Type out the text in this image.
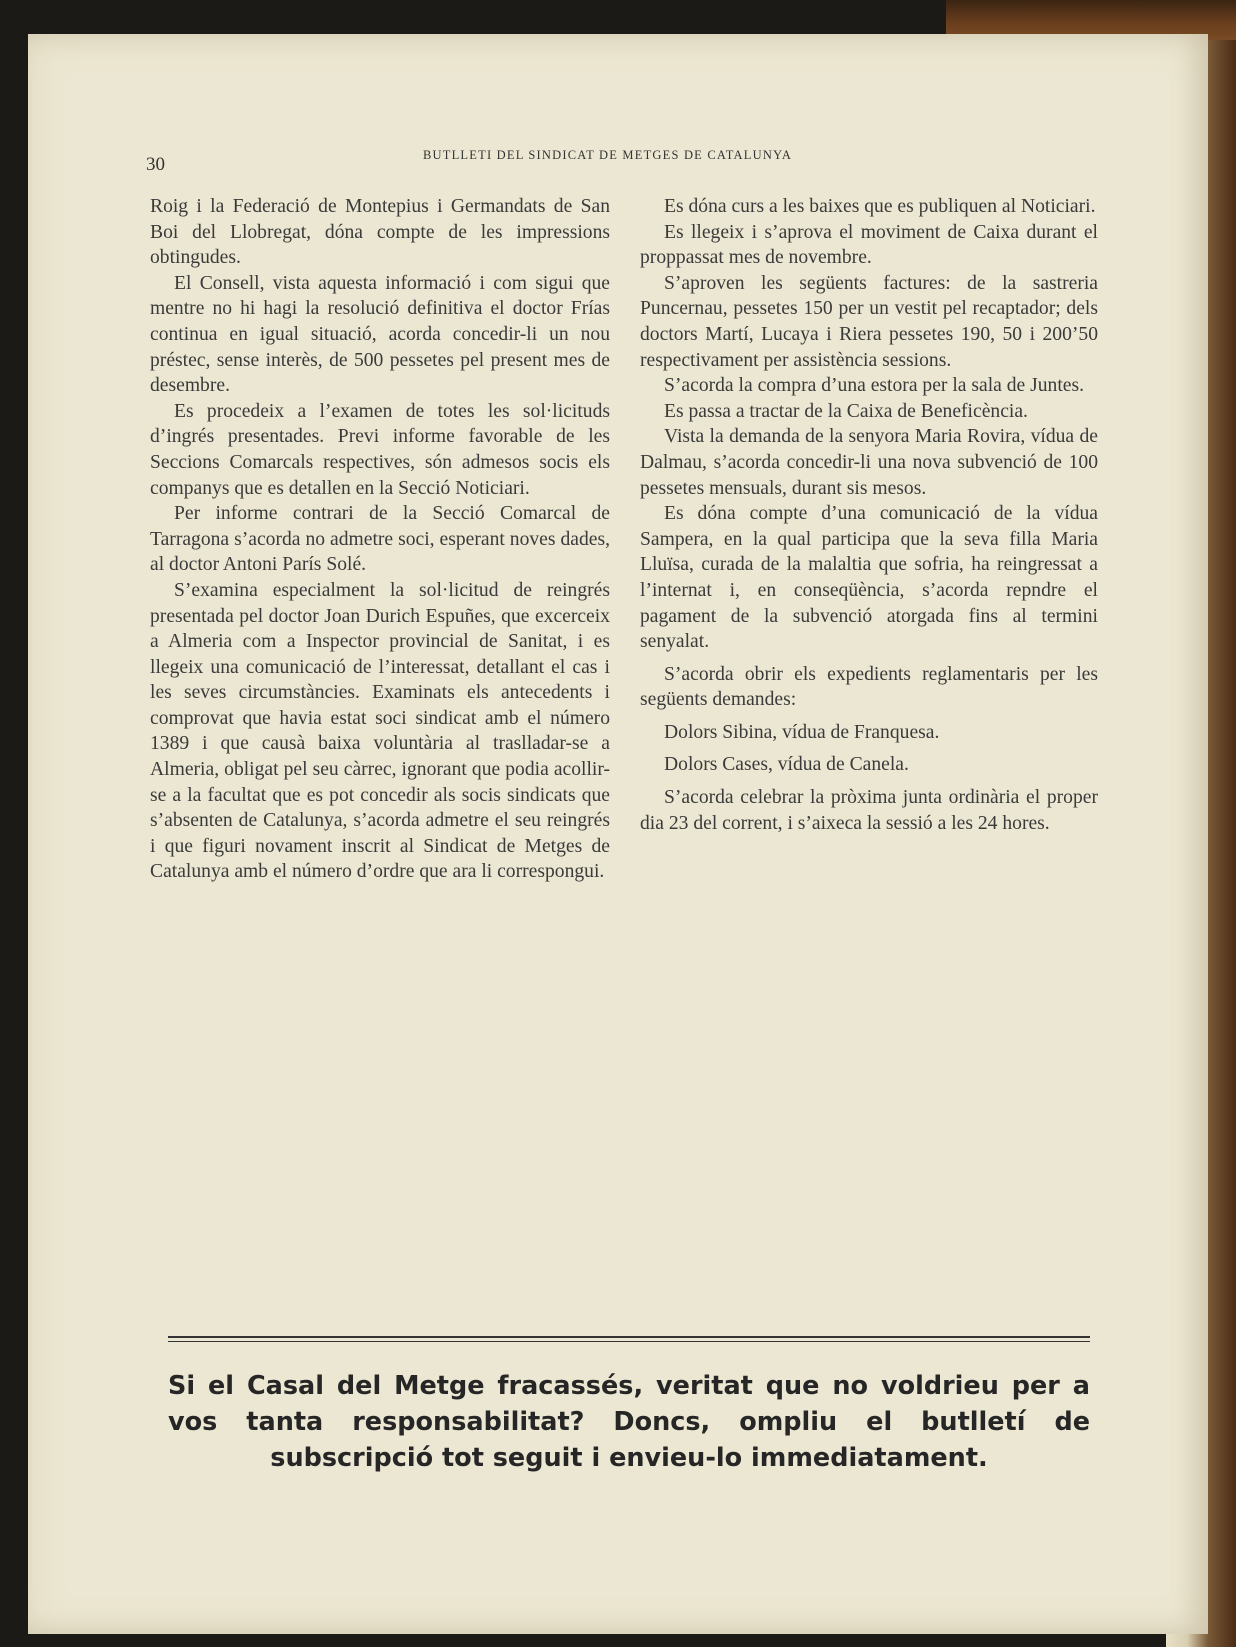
30	BUTLLETI DEL SINDICAT DE METGES DE CATALUNYA

Roig i la Federació de Montepius i Germandats de San Boi del Llobregat, dóna compte de les impressions obtingudes.

El Consell, vista aquesta informació i com sigui que mentre no hi hagi la resolució definitiva el doctor Frías continua en igual situació, acorda concedir-li un nou préstec, sense interès, de 500 pessetes pel present mes de desembre.

Es procedeix a l’examen de totes les sol·licituds d’ingrés presentades. Previ informe favorable de les Seccions Comarcals respectives, són admesos socis els companys que es detallen en la Secció Noticiari.

Per informe contrari de la Secció Comarcal de Tarragona s’acorda no admetre soci, esperant noves dades, al doctor Antoni París Solé.

S’examina especialment la sol·licitud de reingrés presentada pel doctor Joan Durich Espuñes, que excerceix a Almeria com a Inspector provincial de Sanitat, i es llegeix una comunicació de l’interessat, detallant el cas i les seves circumstàncies. Examinats els antecedents i comprovat que havia estat soci sindicat amb el número 1389 i que causà baixa voluntària al traslladar-se a Almeria, obligat pel seu càrrec, ignorant que podia acollir-se a la facultat que es pot concedir als socis sindicats que s’absenten de Catalunya, s’acorda admetre el seu reingrés i que figuri novament inscrit al Sindicat de Metges de Catalunya amb el número d’ordre que ara li correspongui.

Es dóna curs a les baixes que es publiquen al Noticiari.

Es llegeix i s’aprova el moviment de Caixa durant el proppassat mes de novembre.

S’aproven les següents factures: de la sastreria Puncernau, pessetes 150 per un vestit pel recaptador; dels doctors Martí, Lucaya i Riera pessetes 190, 50 i 200’50 respectivament per assistència sessions.

S’acorda la compra d’una estora per la sala de Juntes.

Es passa a tractar de la Caixa de Beneficència.

Vista la demanda de la senyora Maria Rovira, vídua de Dalmau, s’acorda concedir-li una nova subvenció de 100 pessetes mensuals, durant sis mesos.

Es dóna compte d’una comunicació de la vídua Sampera, en la qual participa que la seva filla Maria Lluïsa, curada de la malaltia que sofria, ha reingressat a l’internat i, en conseqüència, s’acorda repndre el pagament de la subvenció atorgada fins al termini senyalat.

S’acorda obrir els expedients reglamentaris per les següents demandes:

Dolors Sibina, vídua de Franquesa.

Dolors Cases, vídua de Canela.

S’acorda celebrar la pròxima junta ordinària el proper dia 23 del corrent, i s’aixeca la sessió a les 24 hores.

Si el Casal del Metge fracassés, veritat que no voldrieu per a vos tanta responsabilitat? Doncs, ompliu el butlletí de subscripció tot seguit i envieu-lo immediatament.
